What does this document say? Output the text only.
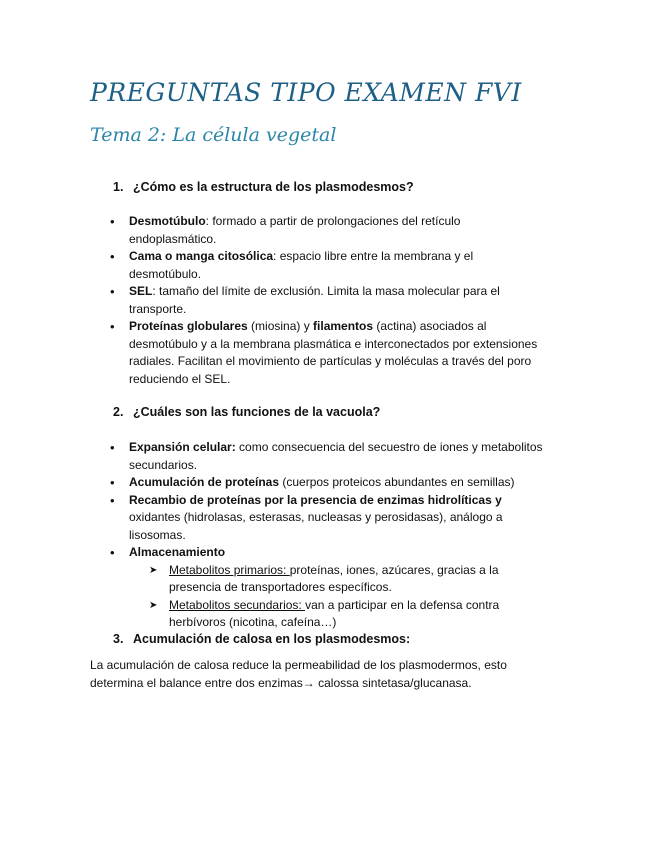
PREGUNTAS TIPO EXAMEN FVI
Tema 2: La célula vegetal
1. ¿Cómo es la estructura de los plasmodesmos?
• Desmotúbulo: formado a partir de prolongaciones del retículo endoplasmático.
• Cama o manga citosólica: espacio libre entre la membrana y el desmotúbulo.
• SEL: tamaño del límite de exclusión. Limita la masa molecular para el transporte.
• Proteínas globulares (miosina) y filamentos (actina) asociados al desmotúbulo y a la membrana plasmática e interconectados por extensiones radiales. Facilitan el movimiento de partículas y moléculas a través del poro reduciendo el SEL.
2. ¿Cuáles son las funciones de la vacuola?
• Expansión celular: como consecuencia del secuestro de iones y metabolitos secundarios.
• Acumulación de proteínas (cuerpos proteicos abundantes en semillas)
• Recambio de proteínas por la presencia de enzimas hidrolíticas y oxidantes (hidrolasas, esterasas, nucleasas y perosidasas), análogo a lisosomas.
• Almacenamiento
➤ Metabolitos primarios: proteínas, iones, azúcares, gracias a la presencia de transportadores específicos.
➤ Metabolitos secundarios: van a participar en la defensa contra herbívoros (nicotina, cafeína…)
3. Acumulación de calosa en los plasmodesmos:
La acumulación de calosa reduce la permeabilidad de los plasmodermos, esto determina el balance entre dos enzimas→ calossa sintetasa/glucanasa.
